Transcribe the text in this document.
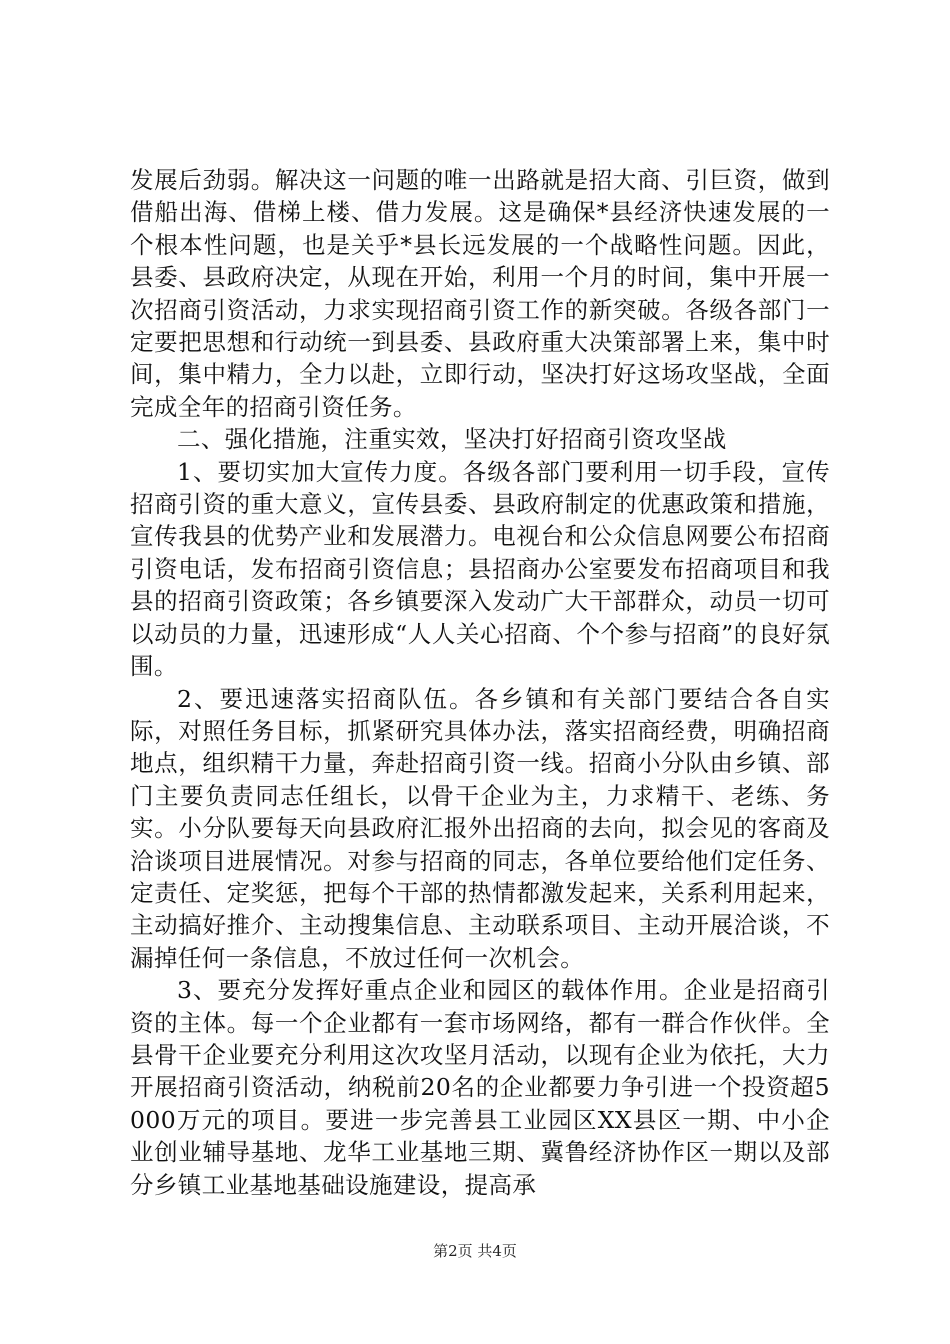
发展后劲弱。解决这一问题的唯一出路就是招大商、引巨资，做到借船出海、借梯上楼、借力发展。这是确保*县经济快速发展的一个根本性问题，也是关乎*县长远发展的一个战略性问题。因此，县委、县政府决定，从现在开始，利用一个月的时间，集中开展一次招商引资活动，力求实现招商引资工作的新突破。各级各部门一定要把思想和行动统一到县委、县政府重大决策部署上来，集中时间，集中精力，全力以赴，立即行动，坚决打好这场攻坚战，全面完成全年的招商引资任务。

二、强化措施，注重实效，坚决打好招商引资攻坚战

1、要切实加大宣传力度。各级各部门要利用一切手段，宣传招商引资的重大意义，宣传县委、县政府制定的优惠政策和措施，宣传我县的优势产业和发展潜力。电视台和公众信息网要公布招商引资电话，发布招商引资信息；县招商办公室要发布招商项目和我县的招商引资政策；各乡镇要深入发动广大干部群众，动员一切可以动员的力量，迅速形成“人人关心招商、个个参与招商”的良好氛围。

2、要迅速落实招商队伍。各乡镇和有关部门要结合各自实际，对照任务目标，抓紧研究具体办法，落实招商经费，明确招商地点，组织精干力量，奔赴招商引资一线。招商小分队由乡镇、部门主要负责同志任组长，以骨干企业为主，力求精干、老练、务实。小分队要每天向县政府汇报外出招商的去向，拟会见的客商及洽谈项目进展情况。对参与招商的同志，各单位要给他们定任务、定责任、定奖惩，把每个干部的热情都激发起来，关系利用起来，主动搞好推介、主动搜集信息、主动联系项目、主动开展洽谈，不漏掉任何一条信息，不放过任何一次机会。

3、要充分发挥好重点企业和园区的载体作用。企业是招商引资的主体。每一个企业都有一套市场网络，都有一群合作伙伴。全县骨干企业要充分利用这次攻坚月活动，以现有企业为依托，大力开展招商引资活动，纳税前20名的企业都要力争引进一个投资超5000万元的项目。要进一步完善县工业园区XX县区一期、中小企业创业辅导基地、龙华工业基地三期、冀鲁经济协作区一期以及部分乡镇工业基地基础设施建设，提高承

第2页 共4页
